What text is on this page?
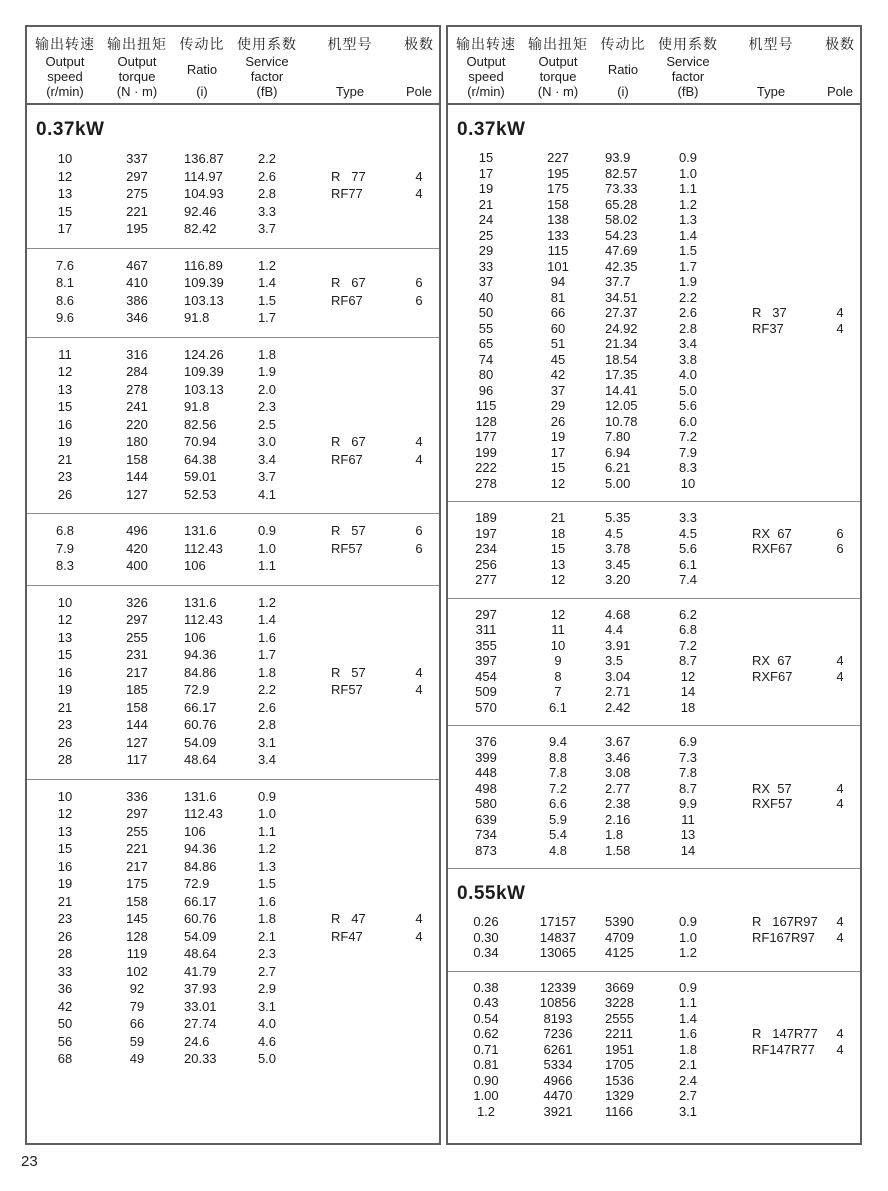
输出转速
Output
speed
(r/min)
输出扭矩
Output
torque
(N · m)
传动比
Ratio
(i)
使用系数
Service
factor
(fB)
机型号
Type
极数
Pole
0.37kW
10	337	136.87	2.2
12	297	114.97	2.6	R   77	4
13	275	104.93	2.8	RF77	4
15	221	92.46	3.3
17	195	82.42	3.7
7.6	467	116.89	1.2
8.1	410	109.39	1.4	R   67	6
8.6	386	103.13	1.5	RF67	6
9.6	346	91.8	1.7
11	316	124.26	1.8
12	284	109.39	1.9
13	278	103.13	2.0
15	241	91.8	2.3
16	220	82.56	2.5
19	180	70.94	3.0	R   67	4
21	158	64.38	3.4	RF67	4
23	144	59.01	3.7
26	127	52.53	4.1
6.8	496	131.6	0.9	R   57	6
7.9	420	112.43	1.0	RF57	6
8.3	400	106	1.1
10	326	131.6	1.2
12	297	112.43	1.4
13	255	106	1.6
15	231	94.36	1.7
16	217	84.86	1.8	R   57	4
19	185	72.9	2.2	RF57	4
21	158	66.17	2.6
23	144	60.76	2.8
26	127	54.09	3.1
28	117	48.64	3.4
10	336	131.6	0.9
12	297	112.43	1.0
13	255	106	1.1
15	221	94.36	1.2
16	217	84.86	1.3
19	175	72.9	1.5
21	158	66.17	1.6
23	145	60.76	1.8	R   47	4
26	128	54.09	2.1	RF47	4
28	119	48.64	2.3
33	102	41.79	2.7
36	92	37.93	2.9
42	79	33.01	3.1
50	66	27.74	4.0
56	59	24.6	4.6
68	49	20.33	5.0
输出转速
Output
speed
(r/min)
输出扭矩
Output
torque
(N · m)
传动比
Ratio
(i)
使用系数
Service
factor
(fB)
机型号
Type
极数
Pole
0.37kW
15	227	93.9	0.9
17	195	82.57	1.0
19	175	73.33	1.1
21	158	65.28	1.2
24	138	58.02	1.3
25	133	54.23	1.4
29	115	47.69	1.5
33	101	42.35	1.7
37	94	37.7	1.9
40	81	34.51	2.2
50	66	27.37	2.6	R   37	4
55	60	24.92	2.8	RF37	4
65	51	21.34	3.4
74	45	18.54	3.8
80	42	17.35	4.0
96	37	14.41	5.0
115	29	12.05	5.6
128	26	10.78	6.0
177	19	7.80	7.2
199	17	6.94	7.9
222	15	6.21	8.3
278	12	5.00	10
189	21	5.35	3.3
197	18	4.5	4.5	RX  67	6
234	15	3.78	5.6	RXF67	6
256	13	3.45	6.1
277	12	3.20	7.4
297	12	4.68	6.2
311	11	4.4	6.8
355	10	3.91	7.2
397	9	3.5	8.7	RX  67	4
454	8	3.04	12	RXF67	4
509	7	2.71	14
570	6.1	2.42	18
376	9.4	3.67	6.9
399	8.8	3.46	7.3
448	7.8	3.08	7.8
498	7.2	2.77	8.7	RX  57	4
580	6.6	2.38	9.9	RXF57	4
639	5.9	2.16	11
734	5.4	1.8	13
873	4.8	1.58	14
0.55kW
0.26	17157	5390	0.9	R   167R97	4
0.30	14837	4709	1.0	RF167R97	4
0.34	13065	4125	1.2
0.38	12339	3669	0.9
0.43	10856	3228	1.1
0.54	8193	2555	1.4
0.62	7236	2211	1.6	R   147R77	4
0.71	6261	1951	1.8	RF147R77	4
0.81	5334	1705	2.1
0.90	4966	1536	2.4
1.00	4470	1329	2.7
1.2	3921	1166	3.1
23
